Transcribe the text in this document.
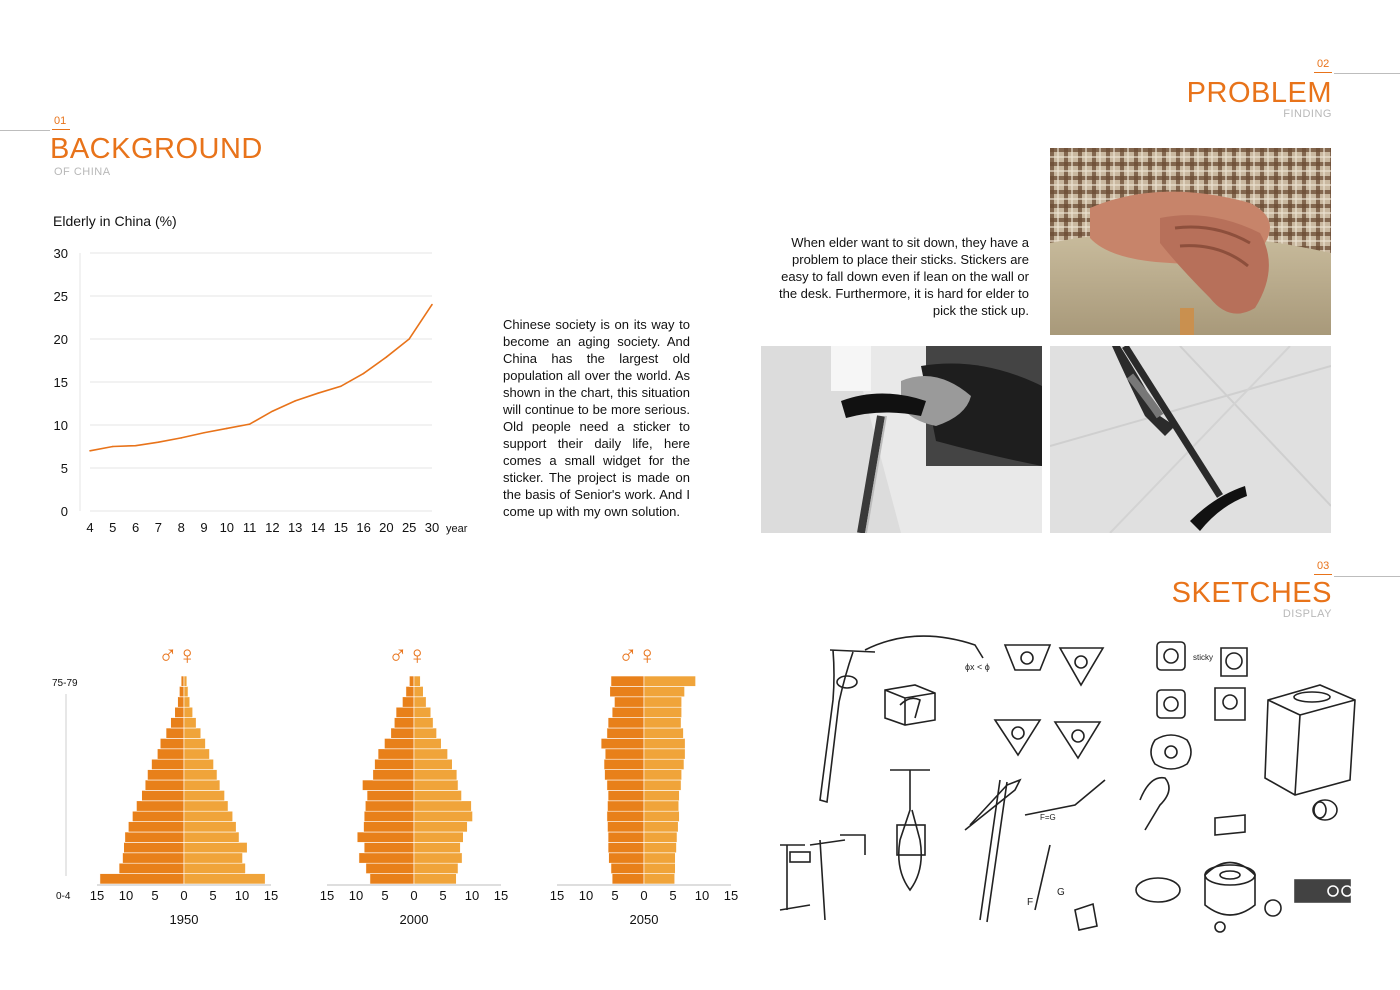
01
BACKGROUND
OF CHINA
02
PROBLEM
FINDING
03
SKETCHES
DISPLAY
Elderly in China (%)
0
5
10
15
20
25
30
4 5 6 7 8 9 10 11 12 13 14 15 16 20 25 30 year
Chinese society is on its way to become an aging society. And China has the largest old population all over the world. As shown in the chart, this situation will continue to be more serious. Old people need a sticker to support their daily life, here comes a small widget for the sticker. The project is made on the basis of Senior's work. And I come up with my own solution.
When elder want to sit down, they have a problem to place their sticks. Stickers are easy to fall down even if lean on the wall or the desk. Furthermore, it is hard for elder to pick the stick up.
75-79
0-4
♂♀
15 10 5 0 5 10 15
1950
♂♀
15 10 5 0 5 10 15
2000
♂♀
15 10 5 0 5 10 15
2050
ϕx < ϕ
sticky
F=G
G
F
